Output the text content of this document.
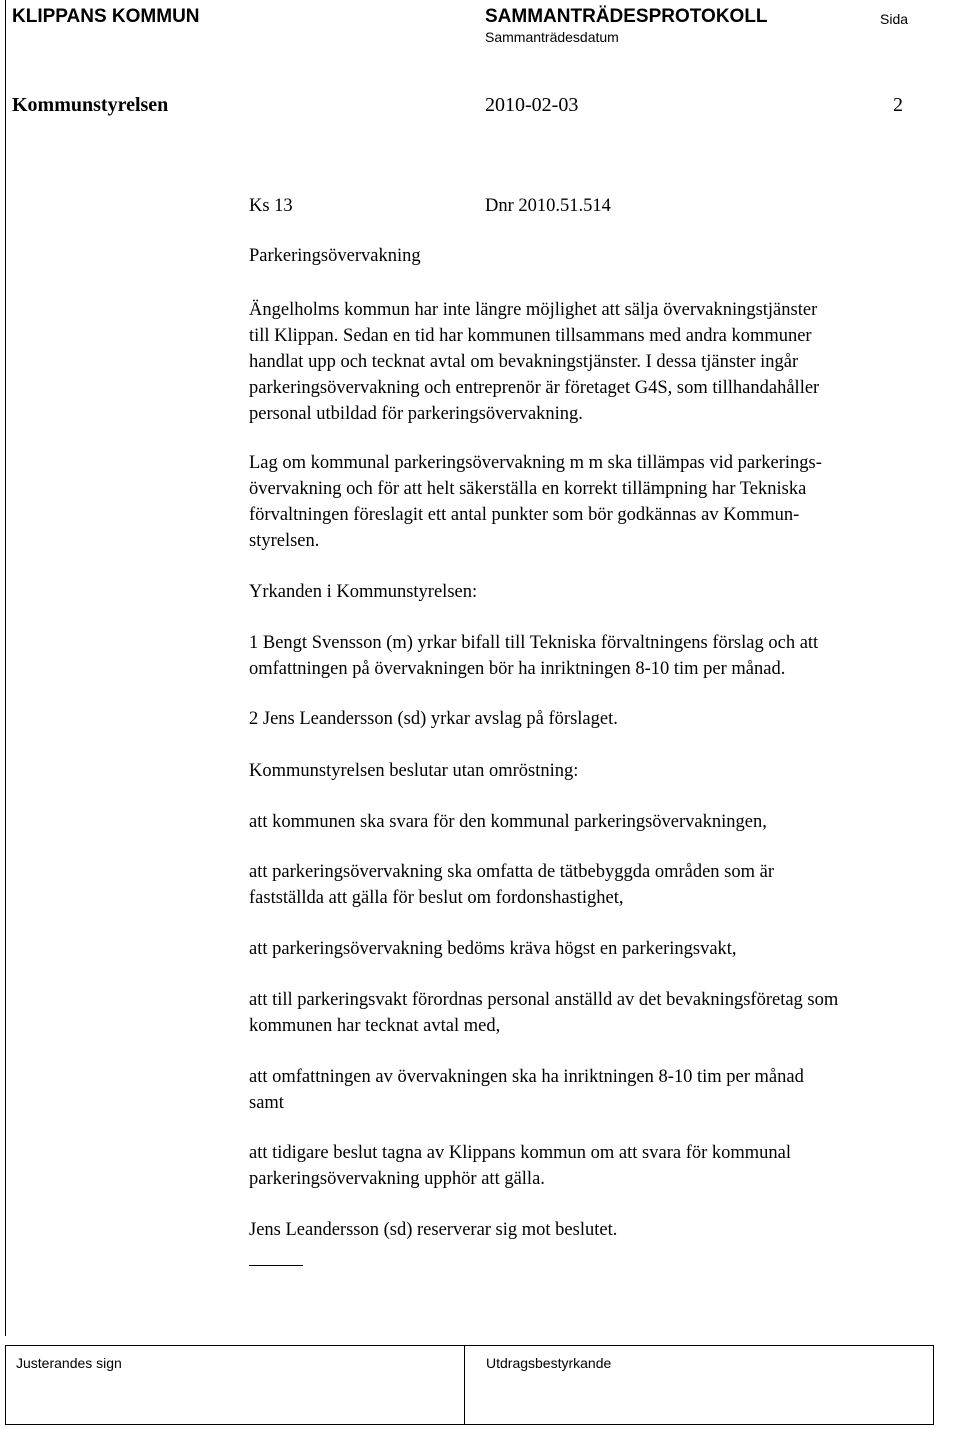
KLIPPANS KOMMUN	SAMMANTRÄDESPROTOKOLL	Sida
Sammanträdesdatum
Kommunstyrelsen	2010-02-03	2
Ks 13	Dnr 2010.51.514
Parkeringsövervakning

Ängelholms kommun har inte längre möjlighet att sälja övervakningstjänster

till Klippan. Sedan en tid har kommunen tillsammans med andra kommuner

handlat upp och tecknat avtal om bevakningstjänster. I dessa tjänster ingår

parkeringsövervakning och entreprenör är företaget G4S, som tillhandahåller

personal utbildad för parkeringsövervakning.

Lag om kommunal parkeringsövervakning m m ska tillämpas vid parkerings-

övervakning och för att helt säkerställa en korrekt tillämpning har Tekniska

förvaltningen föreslagit ett antal punkter som bör godkännas av Kommun-

styrelsen.

Yrkanden i Kommunstyrelsen:

1 Bengt Svensson (m) yrkar bifall till Tekniska förvaltningens förslag och att

omfattningen på övervakningen bör ha inriktningen 8-10 tim per månad.

2 Jens Leandersson (sd) yrkar avslag på förslaget.

Kommunstyrelsen beslutar utan omröstning:

att kommunen ska svara för den kommunal parkeringsövervakningen,

att parkeringsövervakning ska omfatta de tätbebyggda områden som är

fastställda att gälla för beslut om fordonshastighet,

att parkeringsövervakning bedöms kräva högst en parkeringsvakt,

att till parkeringsvakt förordnas personal anställd av det bevakningsföretag som

kommunen har tecknat avtal med,

att omfattningen av övervakningen ska ha inriktningen 8-10 tim per månad

samt

att tidigare beslut tagna av Klippans kommun om att svara för kommunal

parkeringsövervakning upphör att gälla.

Jens Leandersson (sd) reserverar sig mot beslutet.

Justerandes sign	Utdragsbestyrkande
